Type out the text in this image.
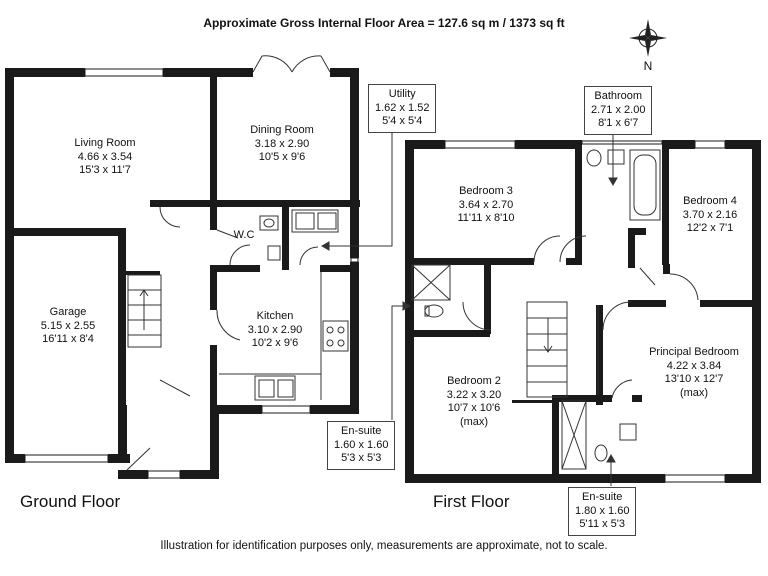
Approximate Gross Internal Floor Area = 127.6 sq m / 1373 sq ft
N
Living Room
4.66 x 3.54
15'3 x 11'7
Dining Room
3.18 x 2.90
10'5 x 9'6
W.C
Garage
5.15 x 2.55
16'11 x 8'4
Kitchen
3.10 x 2.90
10'2 x 9'6
Bedroom 3
3.64 x 2.70
11'11 x 8'10
Bedroom 4
3.70 x 2.16
12'2 x 7'1
Principal Bedroom
4.22 x 3.84
13'10 x 12'7
(max)
Bedroom 2
3.22 x 3.20
10'7 x 10'6
(max)
Utility
1.62 x 1.52
5'4 x 5'4
Bathroom
2.71 x 2.00
8'1 x 6'7
En-suite
1.60 x 1.60
5'3 x 5'3
En-suite
1.80 x 1.60
5'11 x 5'3
Ground Floor	First Floor
Illustration for identification purposes only, measurements are approximate, not to scale.
